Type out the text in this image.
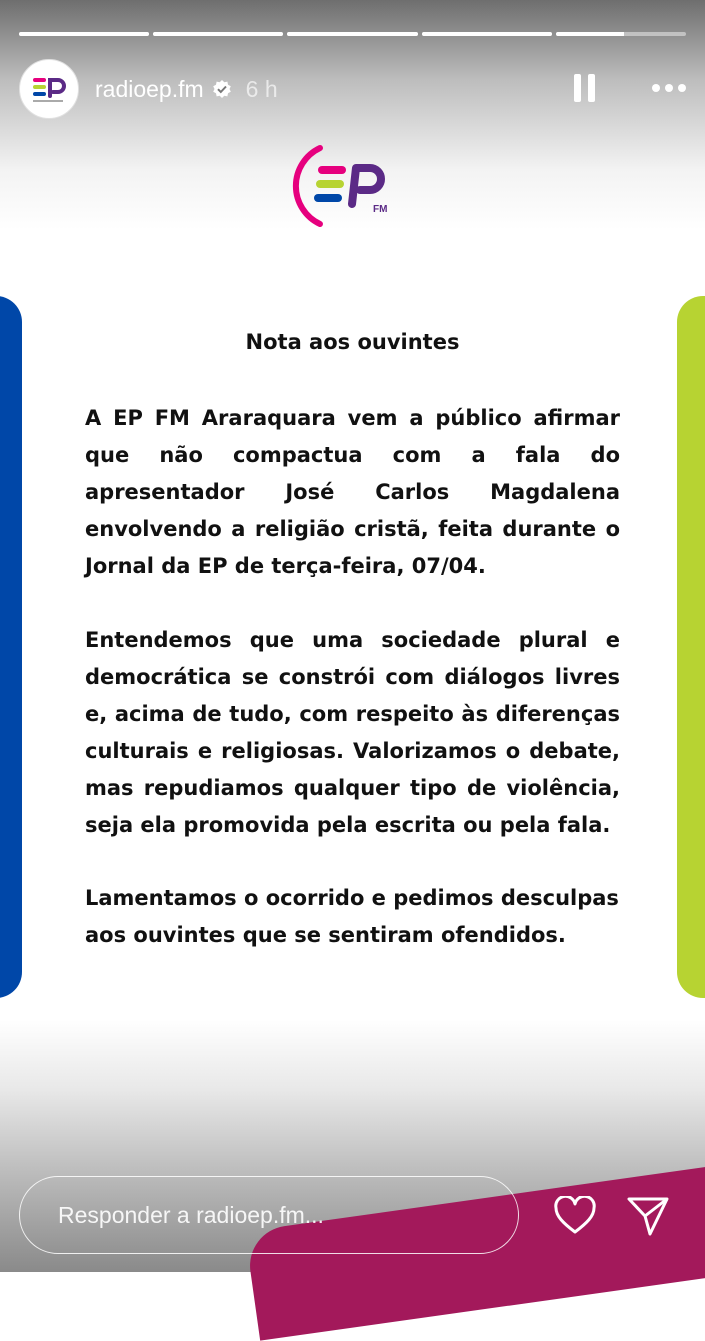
radioep.fm 6 h
FM
Nota aos ouvintes
A EP FM Araraquara vem a público afirmar que não compactua com a fala do apresentador José Carlos Magdalena envolvendo a religião cristã, feita durante o Jornal da EP de terça-feira, 07/04.
Entendemos que uma sociedade plural e democrática se constrói com diálogos livres e, acima de tudo, com respeito às diferenças culturais e religiosas. Valorizamos o debate, mas repudiamos qualquer tipo de violência, seja ela promovida pela escrita ou pela fala.
Lamentamos o ocorrido e pedimos desculpas aos ouvintes que se sentiram ofendidos.
Responder a radioep.fm...
